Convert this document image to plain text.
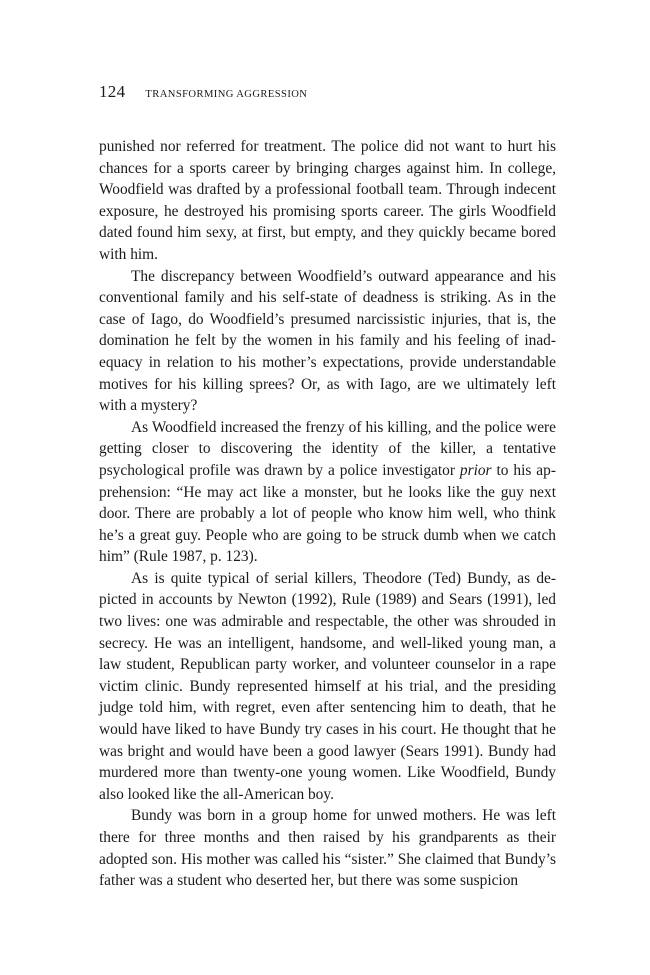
124 TRANSFORMING AGGRESSION

punished nor referred for treatment. The police did not want to hurt his chances for a sports career by bringing charges against him. In college, Woodfield was drafted by a professional football team. Through indecent exposure, he destroyed his promising sports career. The girls Woodfield dated found him sexy, at first, but empty, and they quickly became bored with him.

The discrepancy between Woodfield’s outward appearance and his conventional family and his self-state of deadness is striking. As in the case of Iago, do Woodfield’s presumed narcissistic injuries, that is, the domination he felt by the women in his family and his feeling of inadequacy in relation to his mother’s expectations, provide understandable motives for his killing sprees? Or, as with Iago, are we ultimately left with a mystery?

As Woodfield increased the frenzy of his killing, and the police were getting closer to discovering the identity of the killer, a tentative psychological profile was drawn by a police investigator prior to his apprehension: “He may act like a monster, but he looks like the guy next door. There are probably a lot of people who know him well, who think he’s a great guy. People who are going to be struck dumb when we catch him” (Rule 1987, p. 123).

As is quite typical of serial killers, Theodore (Ted) Bundy, as depicted in accounts by Newton (1992), Rule (1989) and Sears (1991), led two lives: one was admirable and respectable, the other was shrouded in secrecy. He was an intelligent, handsome, and well-liked young man, a law student, Republican party worker, and volunteer counselor in a rape victim clinic. Bundy represented himself at his trial, and the presiding judge told him, with regret, even after sentencing him to death, that he would have liked to have Bundy try cases in his court. He thought that he was bright and would have been a good lawyer (Sears 1991). Bundy had murdered more than twenty-one young women. Like Woodfield, Bundy also looked like the all-American boy.

Bundy was born in a group home for unwed mothers. He was left there for three months and then raised by his grandparents as their adopted son. His mother was called his “sister.” She claimed that Bundy’s father was a student who deserted her, but there was some suspicion
